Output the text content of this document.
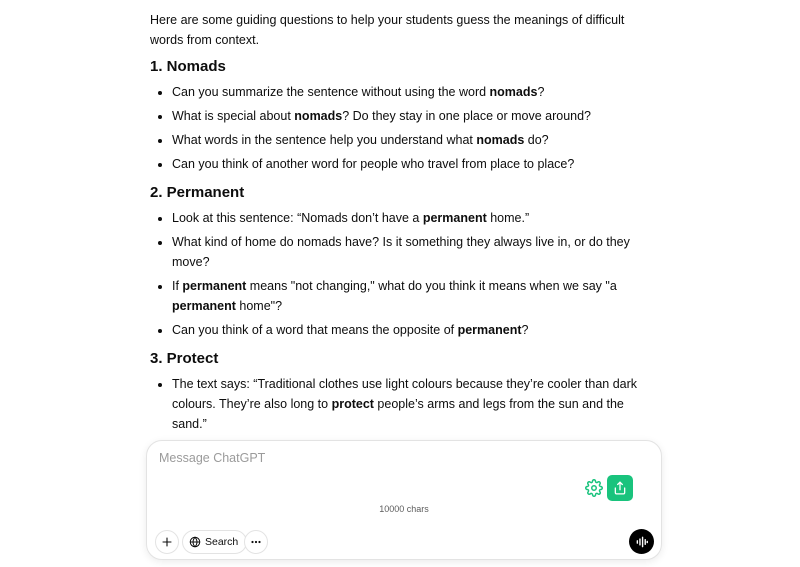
Here are some guiding questions to help your students guess the meanings of difficult words from context.

1. Nomads
• Can you summarize the sentence without using the word nomads?
• What is special about nomads? Do they stay in one place or move around?
• What words in the sentence help you understand what nomads do?
• Can you think of another word for people who travel from place to place?
2. Permanent
• Look at this sentence: “Nomads don’t have a permanent home.”
• What kind of home do nomads have? Is it something they always live in, or do they move?
• If permanent means "not changing," what do you think it means when we say "a permanent home"?
• Can you think of a word that means the opposite of permanent?
3. Protect
• The text says: “Traditional clothes use light colours because they’re cooler than dark colours. They’re also long to protect people’s arms and legs from the sun and the sand.”
•
Message ChatGPT
10000 chars
Search
